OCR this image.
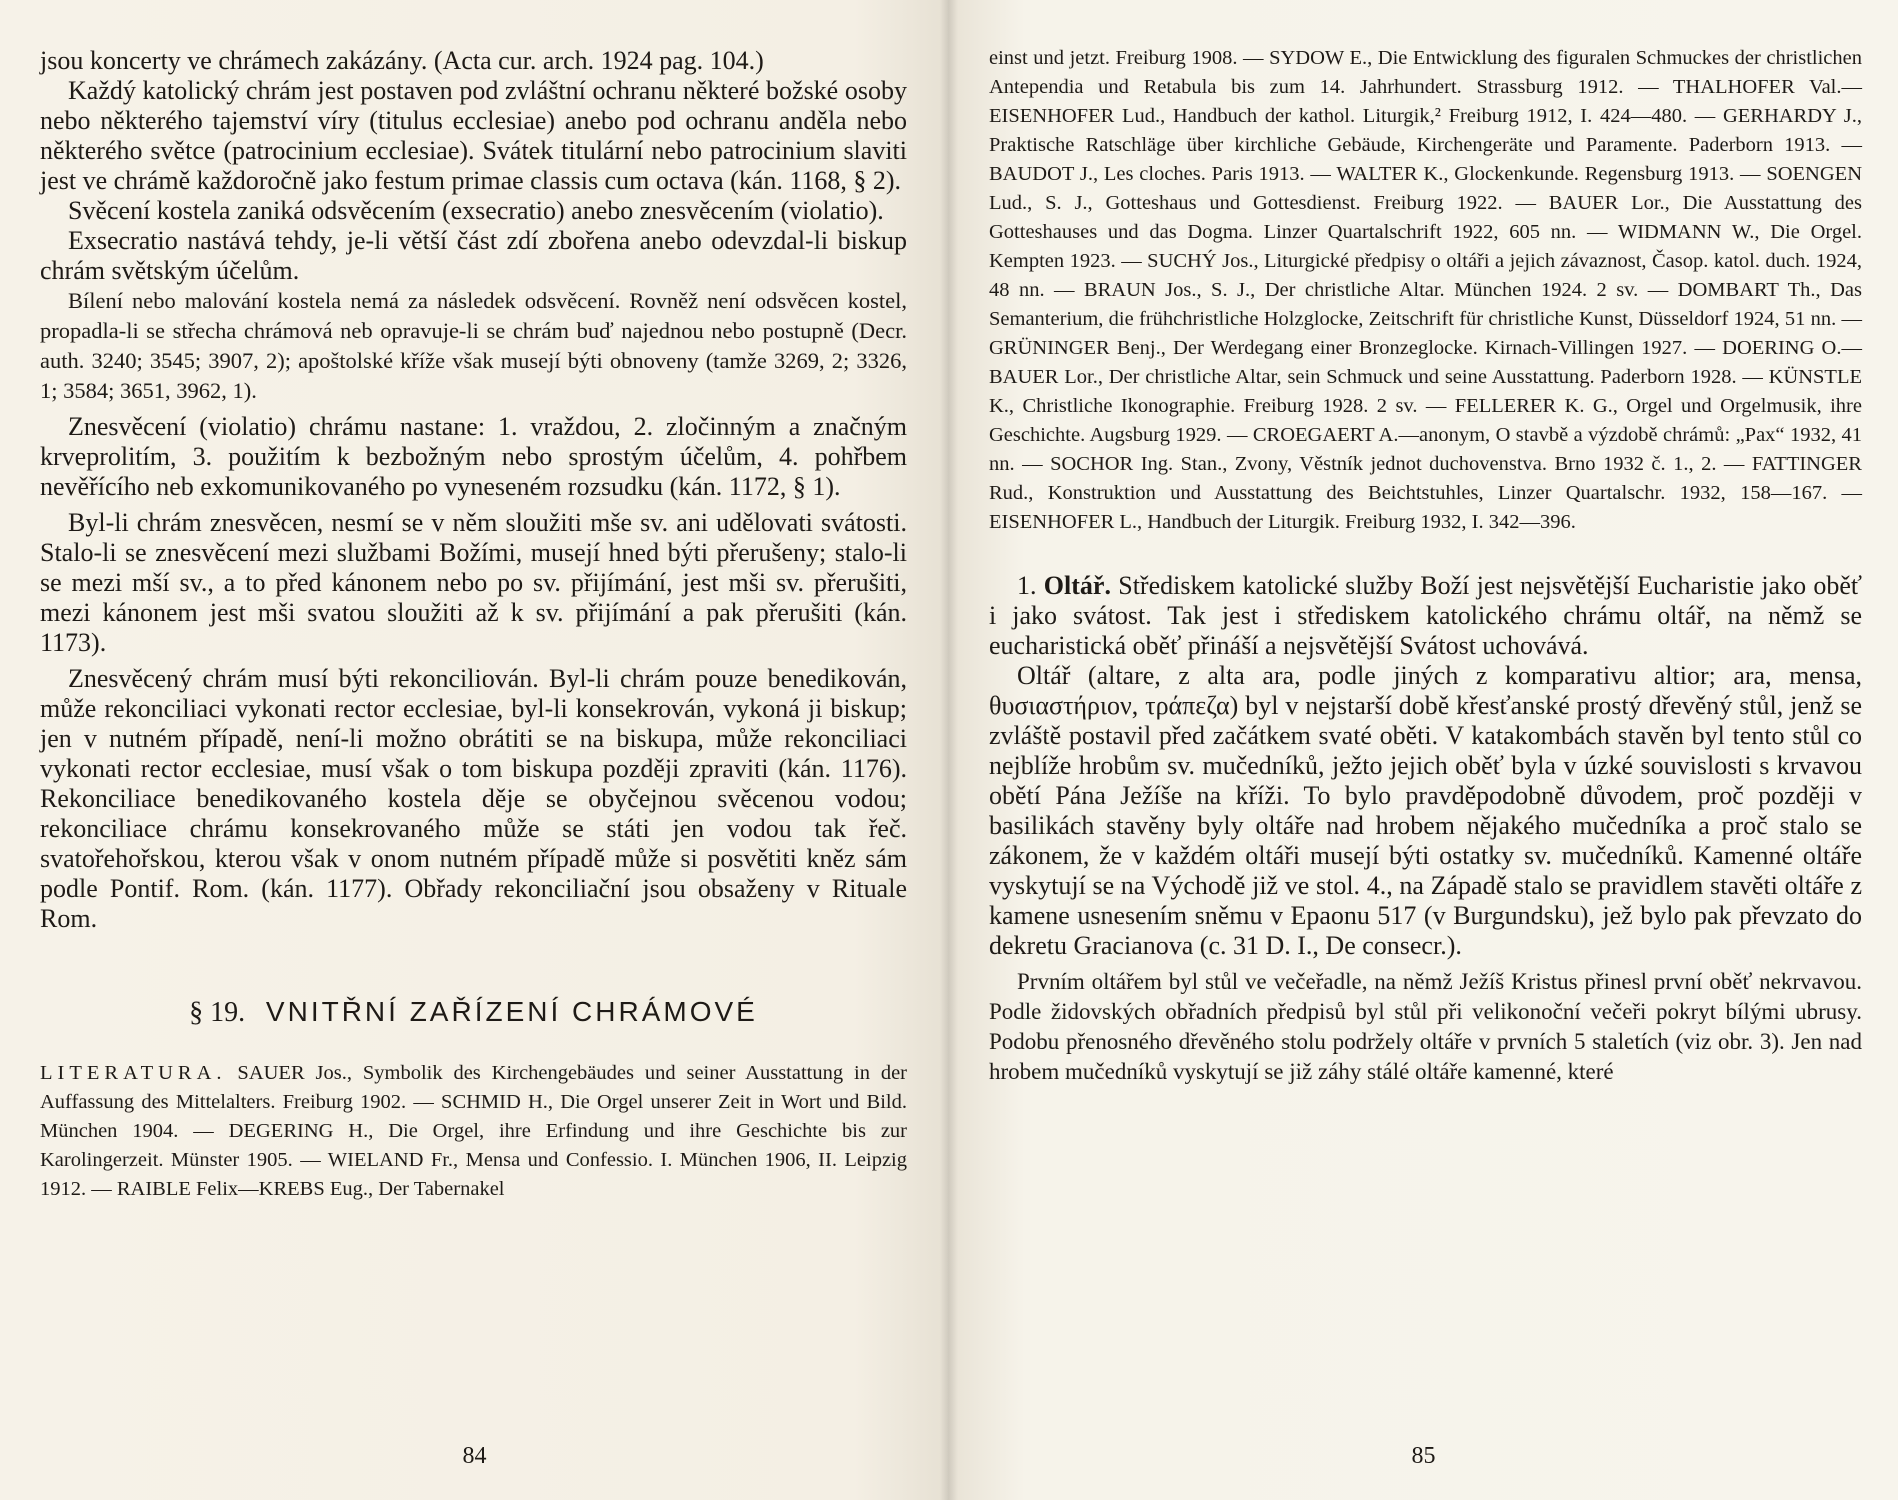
jsou koncerty ve chrámech zakázány. (Acta cur. arch. 1924 pag. 104.)

Každý katolický chrám jest postaven pod zvláštní ochranu některé božské osoby nebo některého tajemství víry (titulus ecclesiae) anebo pod ochranu anděla nebo některého světce (patrocinium ecclesiae). Svátek titulární nebo patrocinium slaviti jest ve chrámě každoročně jako festum primae classis cum octava (kán. 1168, § 2).

Svěcení kostela zaniká odsvěcením (exsecratio) anebo znesvěcením (violatio).

Exsecratio nastává tehdy, je-li větší část zdí zbořena anebo odevzdal-li biskup chrám světským účelům.

Bílení nebo malování kostela nemá za následek odsvěcení. Rovněž není odsvěcen kostel, propadla-li se střecha chrámová neb opravuje-li se chrám buď najednou nebo postupně (Decr. auth. 3240; 3545; 3907, 2); apoštolské kříže však musejí býti obnoveny (tamže 3269, 2; 3326, 1; 3584; 3651, 3962, 1).

Znesvěcení (violatio) chrámu nastane: 1. vraždou, 2. zločinným a značným krveprolitím, 3. použitím k bezbožným nebo sprostým účelům, 4. pohřbem nevěřícího neb exkomunikovaného po vyneseném rozsudku (kán. 1172, § 1).

Byl-li chrám znesvěcen, nesmí se v něm sloužiti mše sv. ani udělovati svátosti. Stalo-li se znesvěcení mezi službami Božími, musejí hned býti přerušeny; stalo-li se mezi mší sv., a to před kánonem nebo po sv. přijímání, jest mši sv. přerušiti, mezi kánonem jest mši svatou sloužiti až k sv. přijímání a pak přerušiti (kán. 1173).

Znesvěcený chrám musí býti rekonciliován. Byl-li chrám pouze benedikován, může rekonciliaci vykonati rector ecclesiae, byl-li konsekrován, vykoná ji biskup; jen v nutném případě, není-li možno obrátiti se na biskupa, může rekonciliaci vykonati rector ecclesiae, musí však o tom biskupa později zpraviti (kán. 1176). Rekonciliace benedikovaného kostela děje se obyčejnou svěcenou vodou; rekonciliace chrámu konsekrovaného může se státi jen vodou tak řeč. svatořehořskou, kterou však v onom nutném případě může si posvětiti kněz sám podle Pontif. Rom. (kán. 1177). Obřady rekonciliační jsou obsaženy v Rituale Rom.

§ 19. VNITŘNÍ ZAŘÍZENÍ CHRÁMOVÉ

LITERATURA. SAUER Jos., Symbolik des Kirchengebäudes und seiner Ausstattung in der Auffassung des Mittelalters. Freiburg 1902. — SCHMID H., Die Orgel unserer Zeit in Wort und Bild. München 1904. — DEGERING H., Die Orgel, ihre Erfindung und ihre Geschichte bis zur Karolingerzeit. Münster 1905. — WIELAND Fr., Mensa und Confessio. I. München 1906, II. Leipzig 1912. — RAIBLE Felix—KREBS Eug., Der Tabernakel

84

einst und jetzt. Freiburg 1908. — SYDOW E., Die Entwicklung des figuralen Schmuckes der christlichen Antependia und Retabula bis zum 14. Jahrhundert. Strassburg 1912. — THALHOFER Val.—EISENHOFER Lud., Handbuch der kathol. Liturgik,² Freiburg 1912, I. 424—480. — GERHARDY J., Praktische Ratschläge über kirchliche Gebäude, Kirchengeräte und Paramente. Paderborn 1913. — BAUDOT J., Les cloches. Paris 1913. — WALTER K., Glockenkunde. Regensburg 1913. — SOENGEN Lud., S. J., Gotteshaus und Gottesdienst. Freiburg 1922. — BAUER Lor., Die Ausstattung des Gotteshauses und das Dogma. Linzer Quartalschrift 1922, 605 nn. — WIDMANN W., Die Orgel. Kempten 1923. — SUCHÝ Jos., Liturgické předpisy o oltáři a jejich závaznost, Časop. katol. duch. 1924, 48 nn. — BRAUN Jos., S. J., Der christliche Altar. München 1924. 2 sv. — DOMBART Th., Das Semanterium, die frühchristliche Holzglocke, Zeitschrift für christliche Kunst, Düsseldorf 1924, 51 nn. — GRÜNINGER Benj., Der Werdegang einer Bronzeglocke. Kirnach-Villingen 1927. — DOERING O.—BAUER Lor., Der christliche Altar, sein Schmuck und seine Ausstattung. Paderborn 1928. — KÜNSTLE K., Christliche Ikonographie. Freiburg 1928. 2 sv. — FELLERER K. G., Orgel und Orgelmusik, ihre Geschichte. Augsburg 1929. — CROEGAERT A.—anonym, O stavbě a výzdobě chrámů: „Pax“ 1932, 41 nn. — SOCHOR Ing. Stan., Zvony, Věstník jednot duchovenstva. Brno 1932 č. 1., 2. — FATTINGER Rud., Konstruktion und Ausstattung des Beichtstuhles, Linzer Quartalschr. 1932, 158—167. — EISENHOFER L., Handbuch der Liturgik. Freiburg 1932, I. 342—396.

1. Oltář. Střediskem katolické služby Boží jest nejsvětější Eucharistie jako oběť i jako svátost. Tak jest i střediskem katolického chrámu oltář, na němž se eucharistická oběť přináší a nejsvětější Svátost uchovává.

Oltář (altare, z alta ara, podle jiných z komparativu altior; ara, mensa, θυσιαστήριον, τράπεζα) byl v nejstarší době křesťanské prostý dřevěný stůl, jenž se zvláště postavil před začátkem svaté oběti. V katakombách stavěn byl tento stůl co nejblíže hrobům sv. mučedníků, ježto jejich oběť byla v úzké souvislosti s krvavou obětí Pána Ježíše na kříži. To bylo pravděpodobně důvodem, proč později v basilikách stavěny byly oltáře nad hrobem nějakého mučedníka a proč stalo se zákonem, že v každém oltáři musejí býti ostatky sv. mučedníků. Kamenné oltáře vyskytují se na Východě již ve stol. 4., na Západě stalo se pravidlem stavěti oltáře z kamene usnesením sněmu v Epaonu 517 (v Burgundsku), jež bylo pak převzato do dekretu Gracianova (c. 31 D. I., De consecr.).

Prvním oltářem byl stůl ve večeřadle, na němž Ježíš Kristus přinesl první oběť nekrvavou. Podle židovských obřadních předpisů byl stůl při velikonoční večeři pokryt bílými ubrusy. Podobu přenosného dřevěného stolu podržely oltáře v prvních 5 staletích (viz obr. 3). Jen nad hrobem mučedníků vyskytují se již záhy stálé oltáře kamenné, které

85
